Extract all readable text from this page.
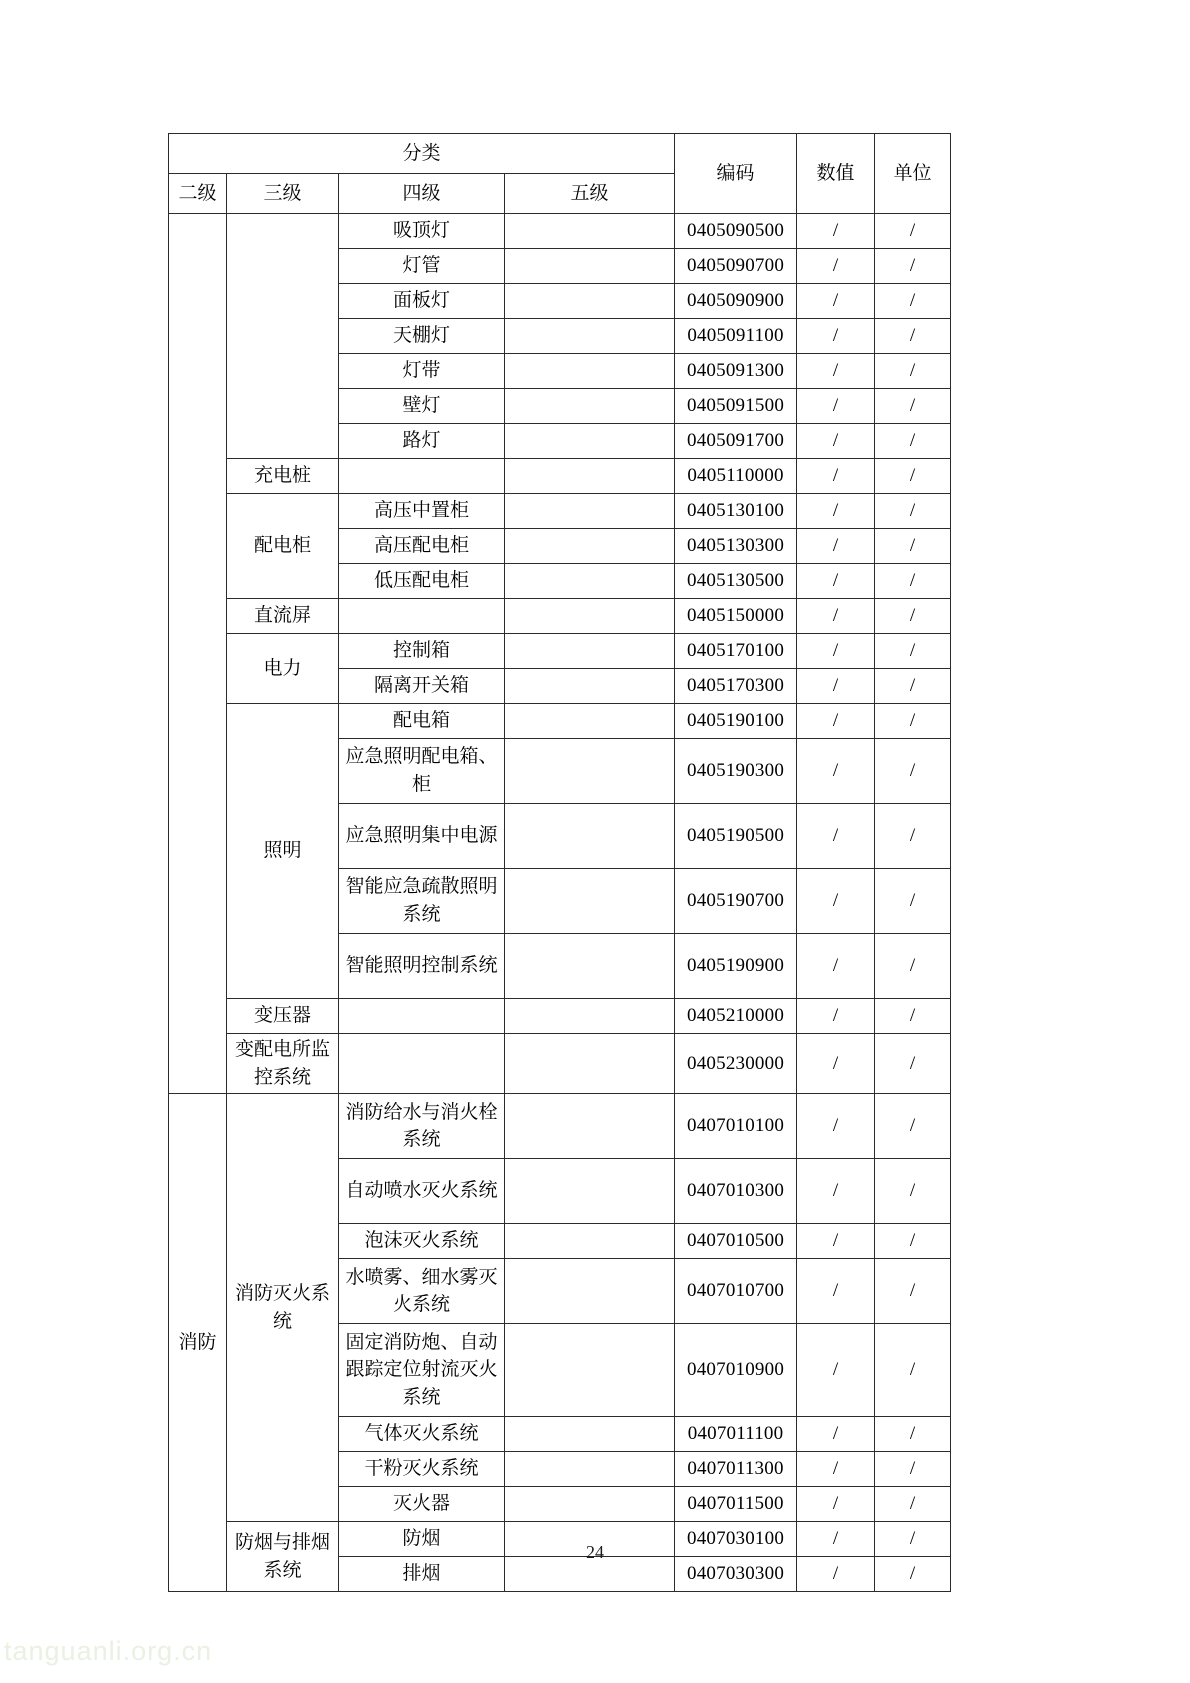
分类				编码	数值	单位
二级	三级	四级	五级			
		吸顶灯		0405090500	/	/
		灯管		0405090700	/	/
		面板灯		0405090900	/	/
		天棚灯		0405091100	/	/
		灯带		0405091300	/	/
		壁灯		0405091500	/	/
		路灯		0405091700	/	/
	充电桩			0405110000	/	/
	配电柜	高压中置柜		0405130100	/	/
		高压配电柜		0405130300	/	/
		低压配电柜		0405130500	/	/
	直流屏			0405150000	/	/
	电力	控制箱		0405170100	/	/
		隔离开关箱		0405170300	/	/
	照明	配电箱		0405190100	/	/
		应急照明配电箱、柜		0405190300	/	/
		应急照明集中电源		0405190500	/	/
		智能应急疏散照明系统		0405190700	/	/
		智能照明控制系统		0405190900	/	/
	变压器			0405210000	/	/
	变配电所监控系统			0405230000	/	/
消防	消防灭火系统	消防给水与消火栓系统		0407010100	/	/
		自动喷水灭火系统		0407010300	/	/
		泡沫灭火系统		0407010500	/	/
		水喷雾、细水雾灭火系统		0407010700	/	/
		固定消防炮、自动跟踪定位射流灭火系统		0407010900	/	/
		气体灭火系统		0407011100	/	/
		干粉灭火系统		0407011300	/	/
		灭火器		0407011500	/	/
	防烟与排烟系统	防烟		0407030100	/	/
		排烟		0407030300	/	/
24
tanguanli.org.cn
